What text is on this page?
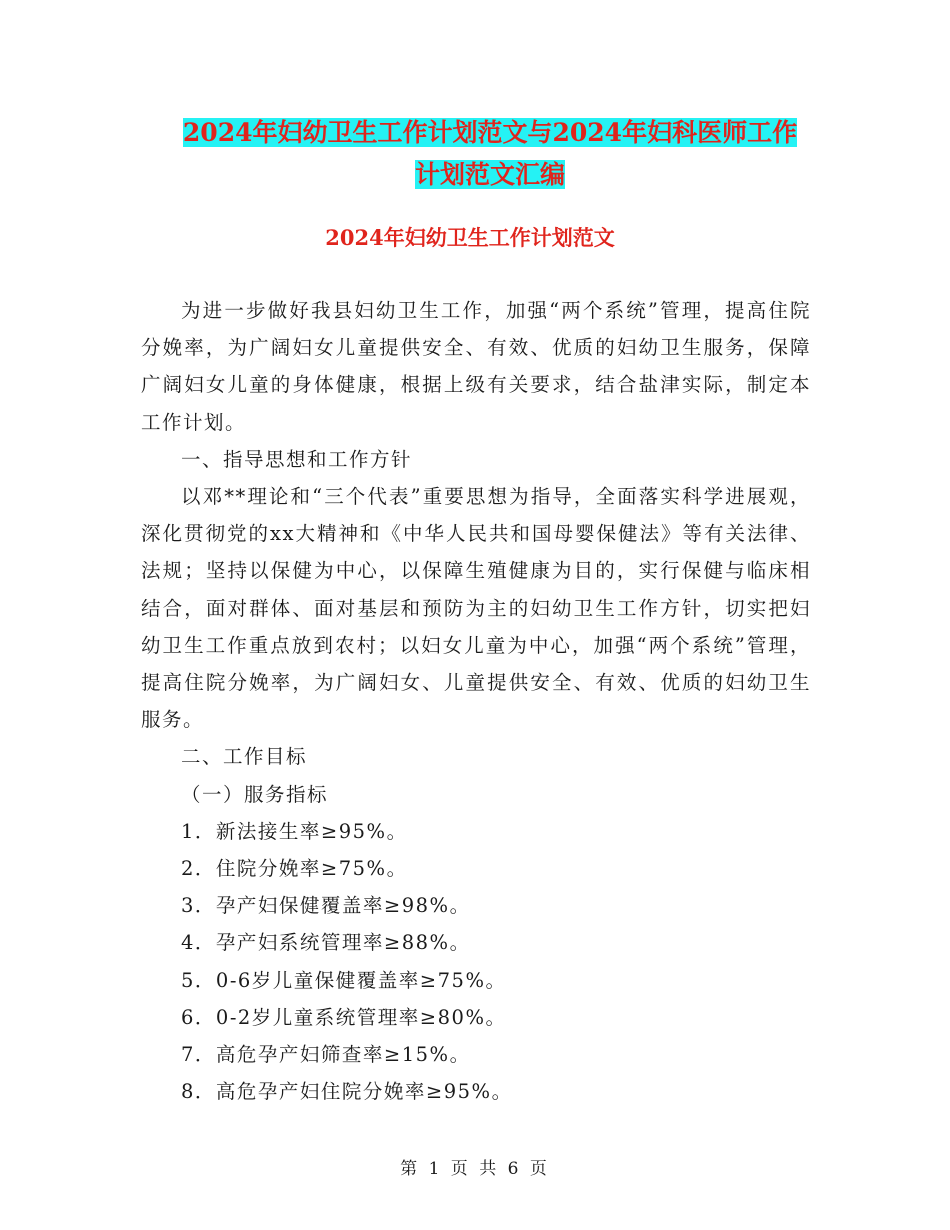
2024年妇幼卫生工作计划范文与2024年妇科医师工作
计划范文汇编
2024年妇幼卫生工作计划范文

为进一步做好我县妇幼卫生工作，加强“两个系统”管理，提高住院分娩率，为广阔妇女儿童提供安全、有效、优质的妇幼卫生服务，保障广阔妇女儿童的身体健康，根据上级有关要求，结合盐津实际，制定本工作计划。

一、指导思想和工作方针

以邓**理论和“三个代表”重要思想为指导，全面落实科学进展观，深化贯彻党的xx大精神和《中华人民共和国母婴保健法》等有关法律、法规；坚持以保健为中心，以保障生殖健康为目的，实行保健与临床相结合，面对群体、面对基层和预防为主的妇幼卫生工作方针，切实把妇幼卫生工作重点放到农村；以妇女儿童为中心，加强“两个系统”管理，提高住院分娩率，为广阔妇女、儿童提供安全、有效、优质的妇幼卫生服务。

二、工作目标

（一）服务指标

1．新法接生率≥95%。

2．住院分娩率≥75%。

3．孕产妇保健覆盖率≥98%。

4．孕产妇系统管理率≥88%。

5．0-6岁儿童保健覆盖率≥75%。

6．0-2岁儿童系统管理率≥80%。

7．高危孕产妇筛查率≥15%。

8．高危孕产妇住院分娩率≥95%。

第 1 页 共 6 页
